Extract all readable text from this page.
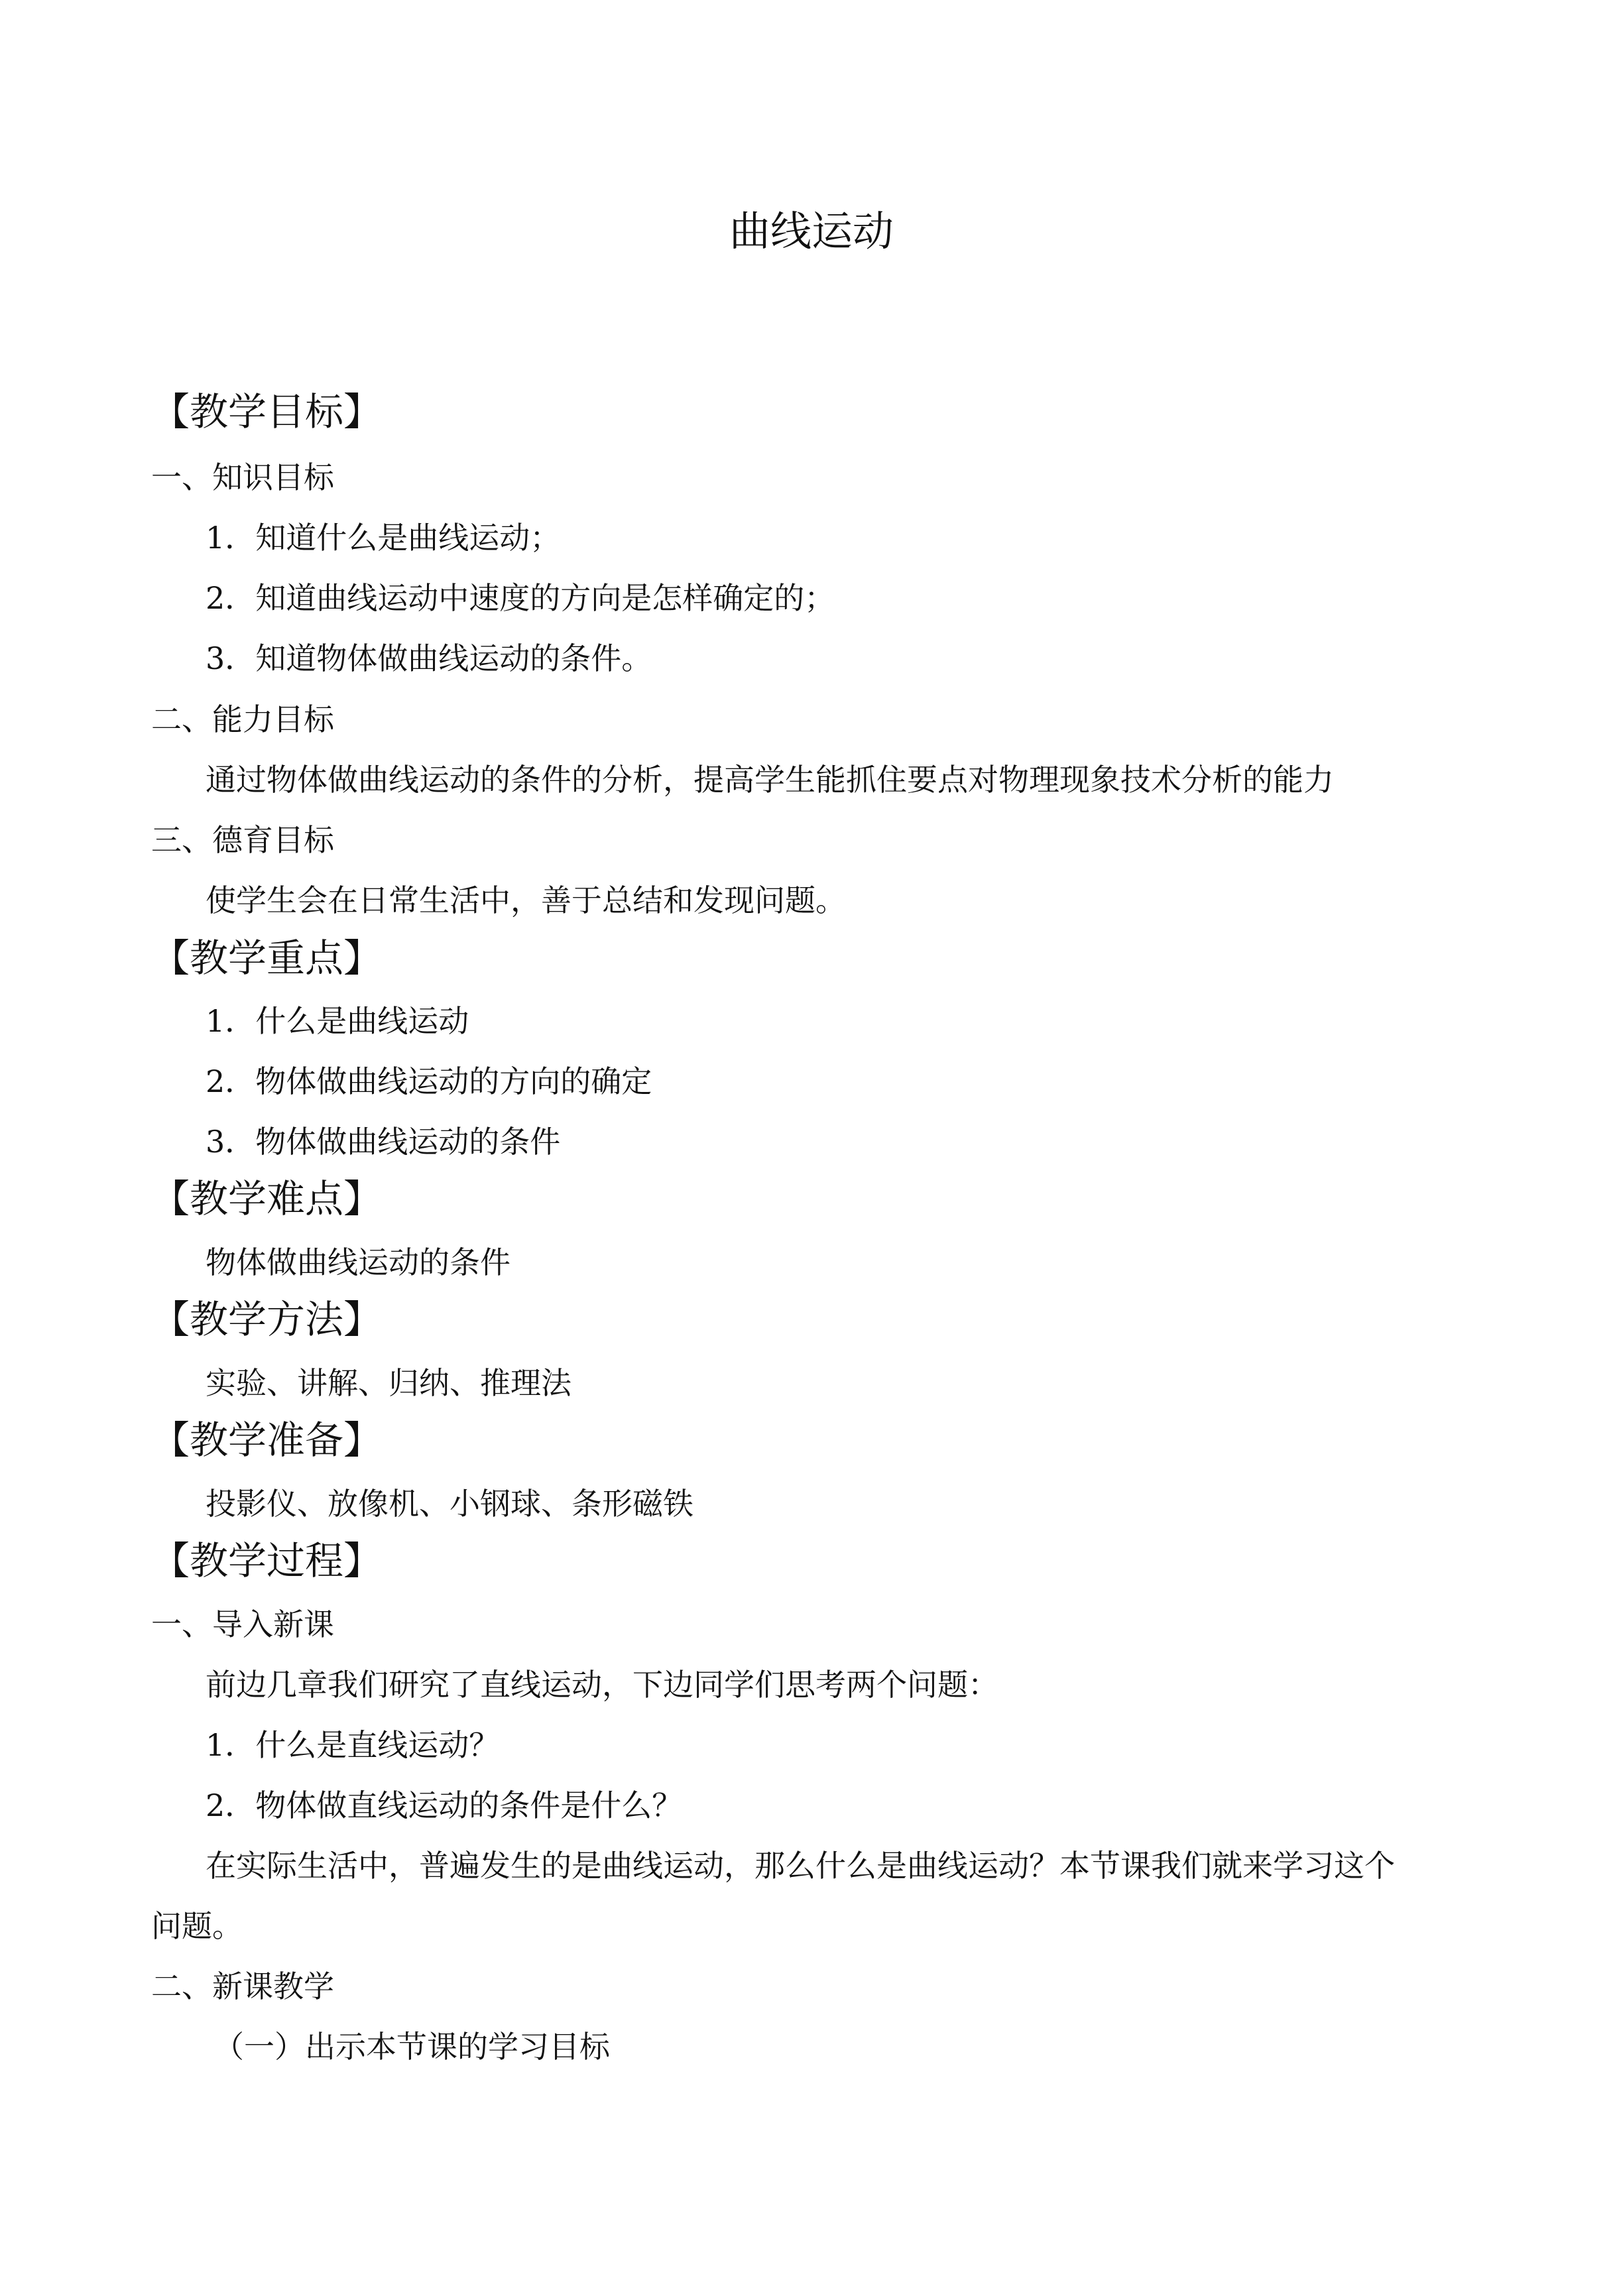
曲线运动
【教学目标】
一、知识目标
1．知道什么是曲线运动；
2．知道曲线运动中速度的方向是怎样确定的；
3．知道物体做曲线运动的条件。
二、能力目标
通过物体做曲线运动的条件的分析，提高学生能抓住要点对物理现象技术分析的能力
三、德育目标
使学生会在日常生活中，善于总结和发现问题。
【教学重点】
1．什么是曲线运动
2．物体做曲线运动的方向的确定
3．物体做曲线运动的条件
【教学难点】
物体做曲线运动的条件
【教学方法】
实验、讲解、归纳、推理法
【教学准备】
投影仪、放像机、小钢球、条形磁铁
【教学过程】
一、导入新课
前边几章我们研究了直线运动，下边同学们思考两个问题：
1．什么是直线运动？
2．物体做直线运动的条件是什么？
在实际生活中，普遍发生的是曲线运动，那么什么是曲线运动？本节课我们就来学习这个
问题。
二、新课教学
（一）出示本节课的学习目标
